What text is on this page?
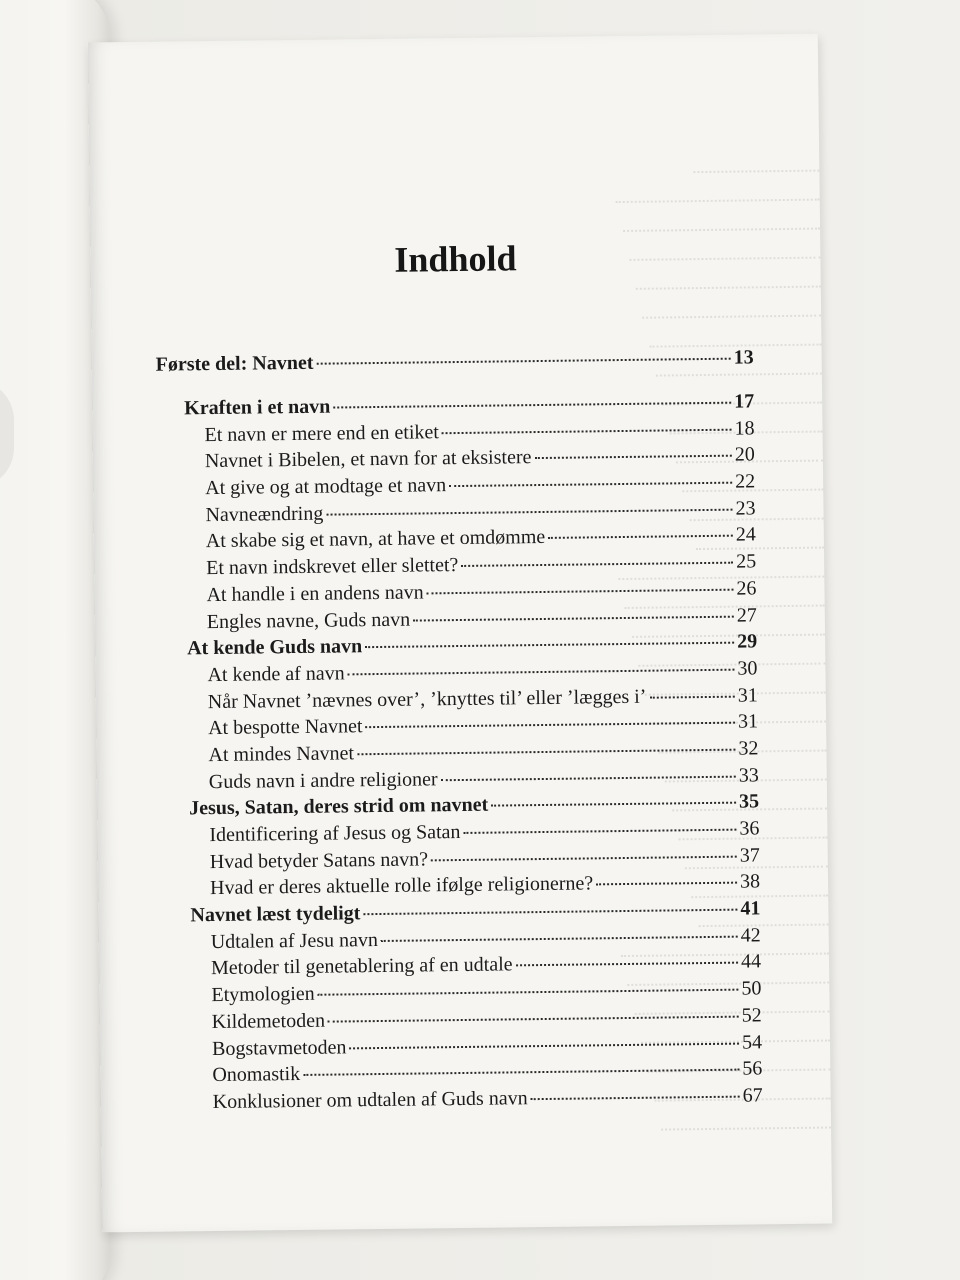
Indhold
Første del: Navnet	13
Kraften i et navn	17
Et navn er mere end en etiket	18
Navnet i Bibelen, et navn for at eksistere	20
At give og at modtage et navn	22
Navneændring	23
At skabe sig et navn, at have et omdømme	24
Et navn indskrevet eller slettet?	25
At handle i en andens navn	26
Engles navne, Guds navn	27
At kende Guds navn	29
At kende af navn	30
Når Navnet ’nævnes over’, ’knyttes til’ eller ’lægges i’	31
At bespotte Navnet	31
At mindes Navnet	32
Guds navn i andre religioner	33
Jesus, Satan, deres strid om navnet	35
Identificering af Jesus og Satan	36
Hvad betyder Satans navn?	37
Hvad er deres aktuelle rolle ifølge religionerne?	38
Navnet læst tydeligt	41
Udtalen af Jesu navn	42
Metoder til genetablering af en udtale	44
Etymologien	50
Kildemetoden	52
Bogstavmetoden	54
Onomastik	56
Konklusioner om udtalen af Guds navn	67
